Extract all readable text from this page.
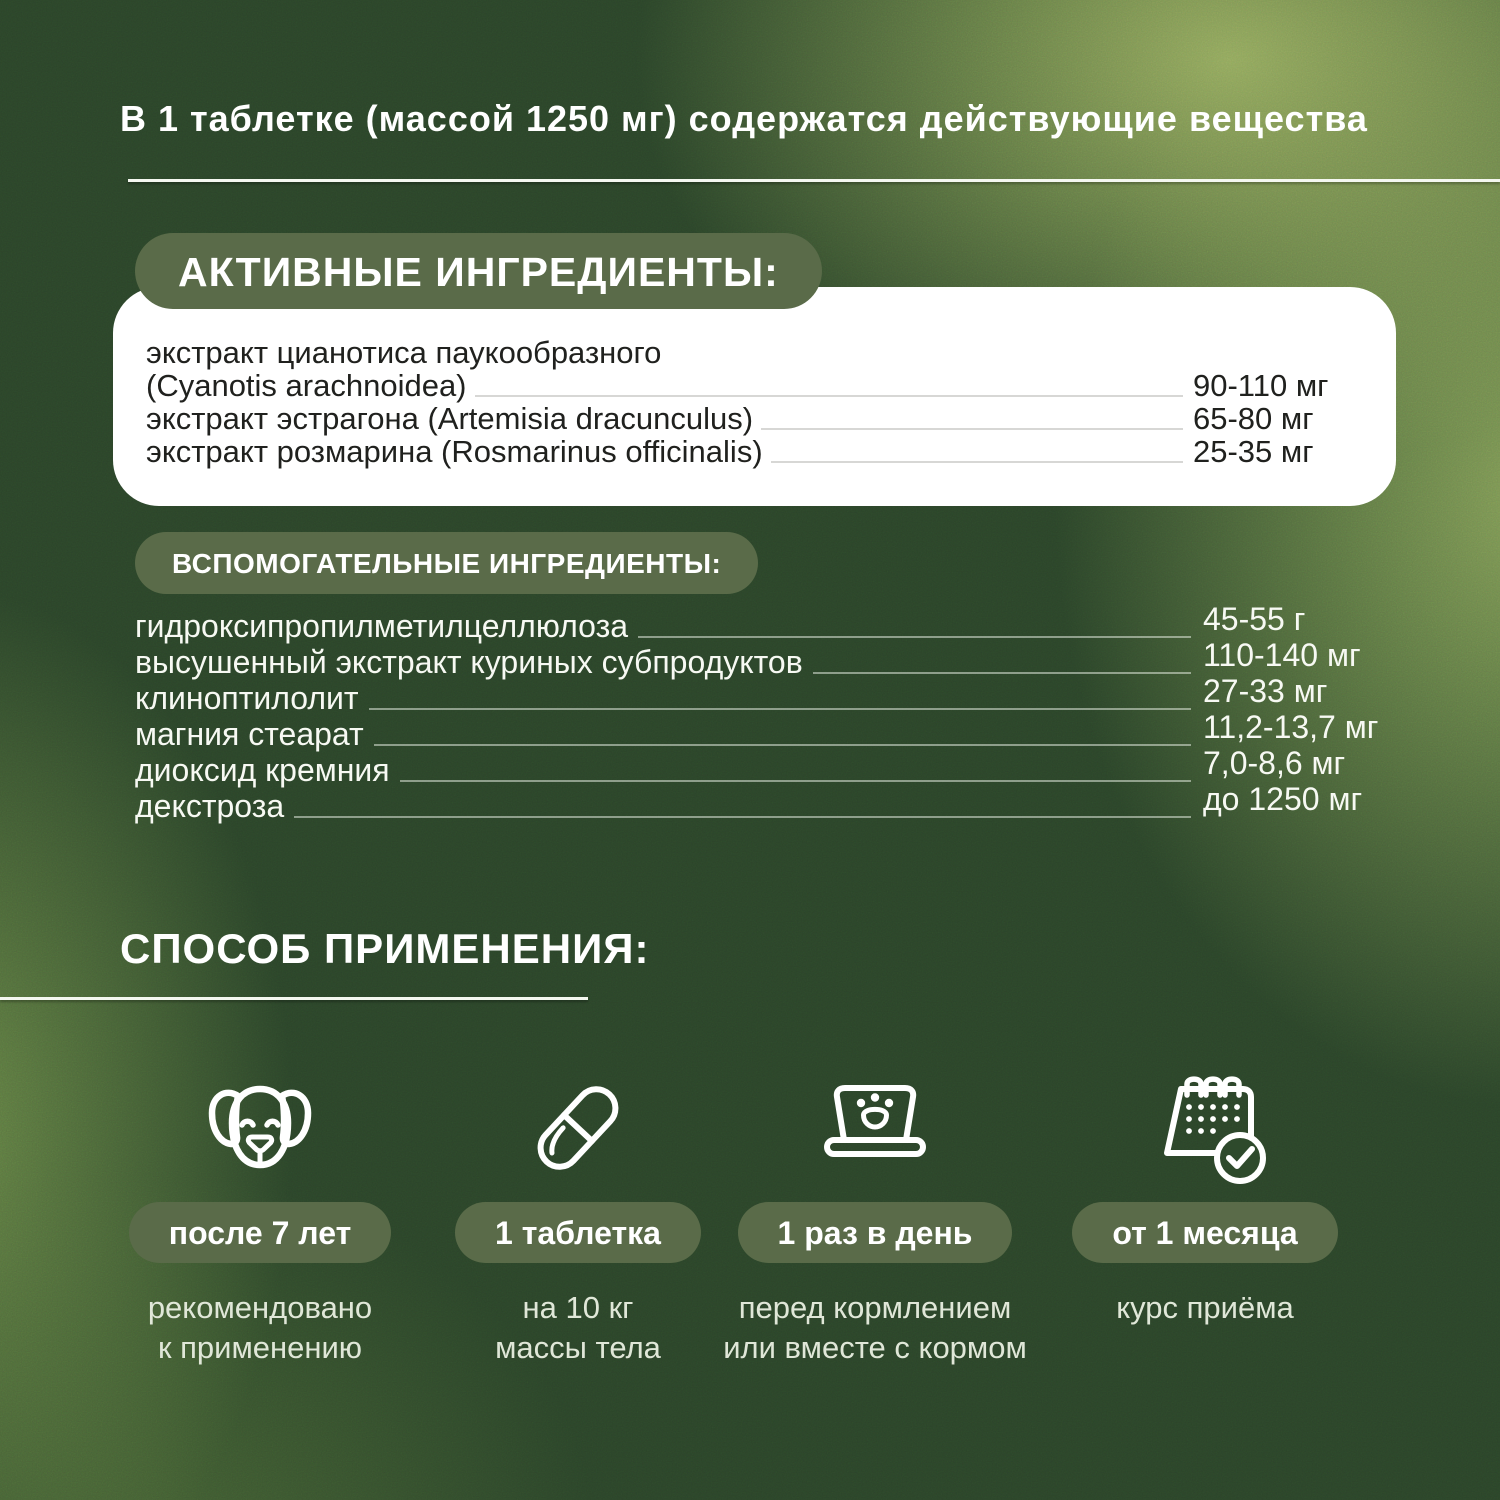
В 1 таблетке (массой 1250 мг) содержатся действующие вещества
АКТИВНЫЕ ИНГРЕДИЕНТЫ:
экстракт цианотиса паукообразного
(Cyanotis arachnoidea)	90-110 мг
экстракт эстрагона (Artemisia dracunculus)	65-80 мг
экстракт розмарина (Rosmarinus officinalis)	25-35 мг
ВСПОМОГАТЕЛЬНЫЕ ИНГРЕДИЕНТЫ:
гидроксипропилметилцеллюлоза	45-55 г
высушенный экстракт куриных субпродуктов	110-140 мг
клиноптилолит	27-33 мг
магния стеарат	11,2-13,7 мг
диоксид кремния	7,0-8,6 мг
декстроза	до 1250 мг
СПОСОБ ПРИМЕНЕНИЯ:
после 7 лет
рекомендовано
к применению
1 таблетка
на 10 кг
массы тела
1 раз в день
перед кормлением
или вместе с кормом
от 1 месяца
курс приёма
